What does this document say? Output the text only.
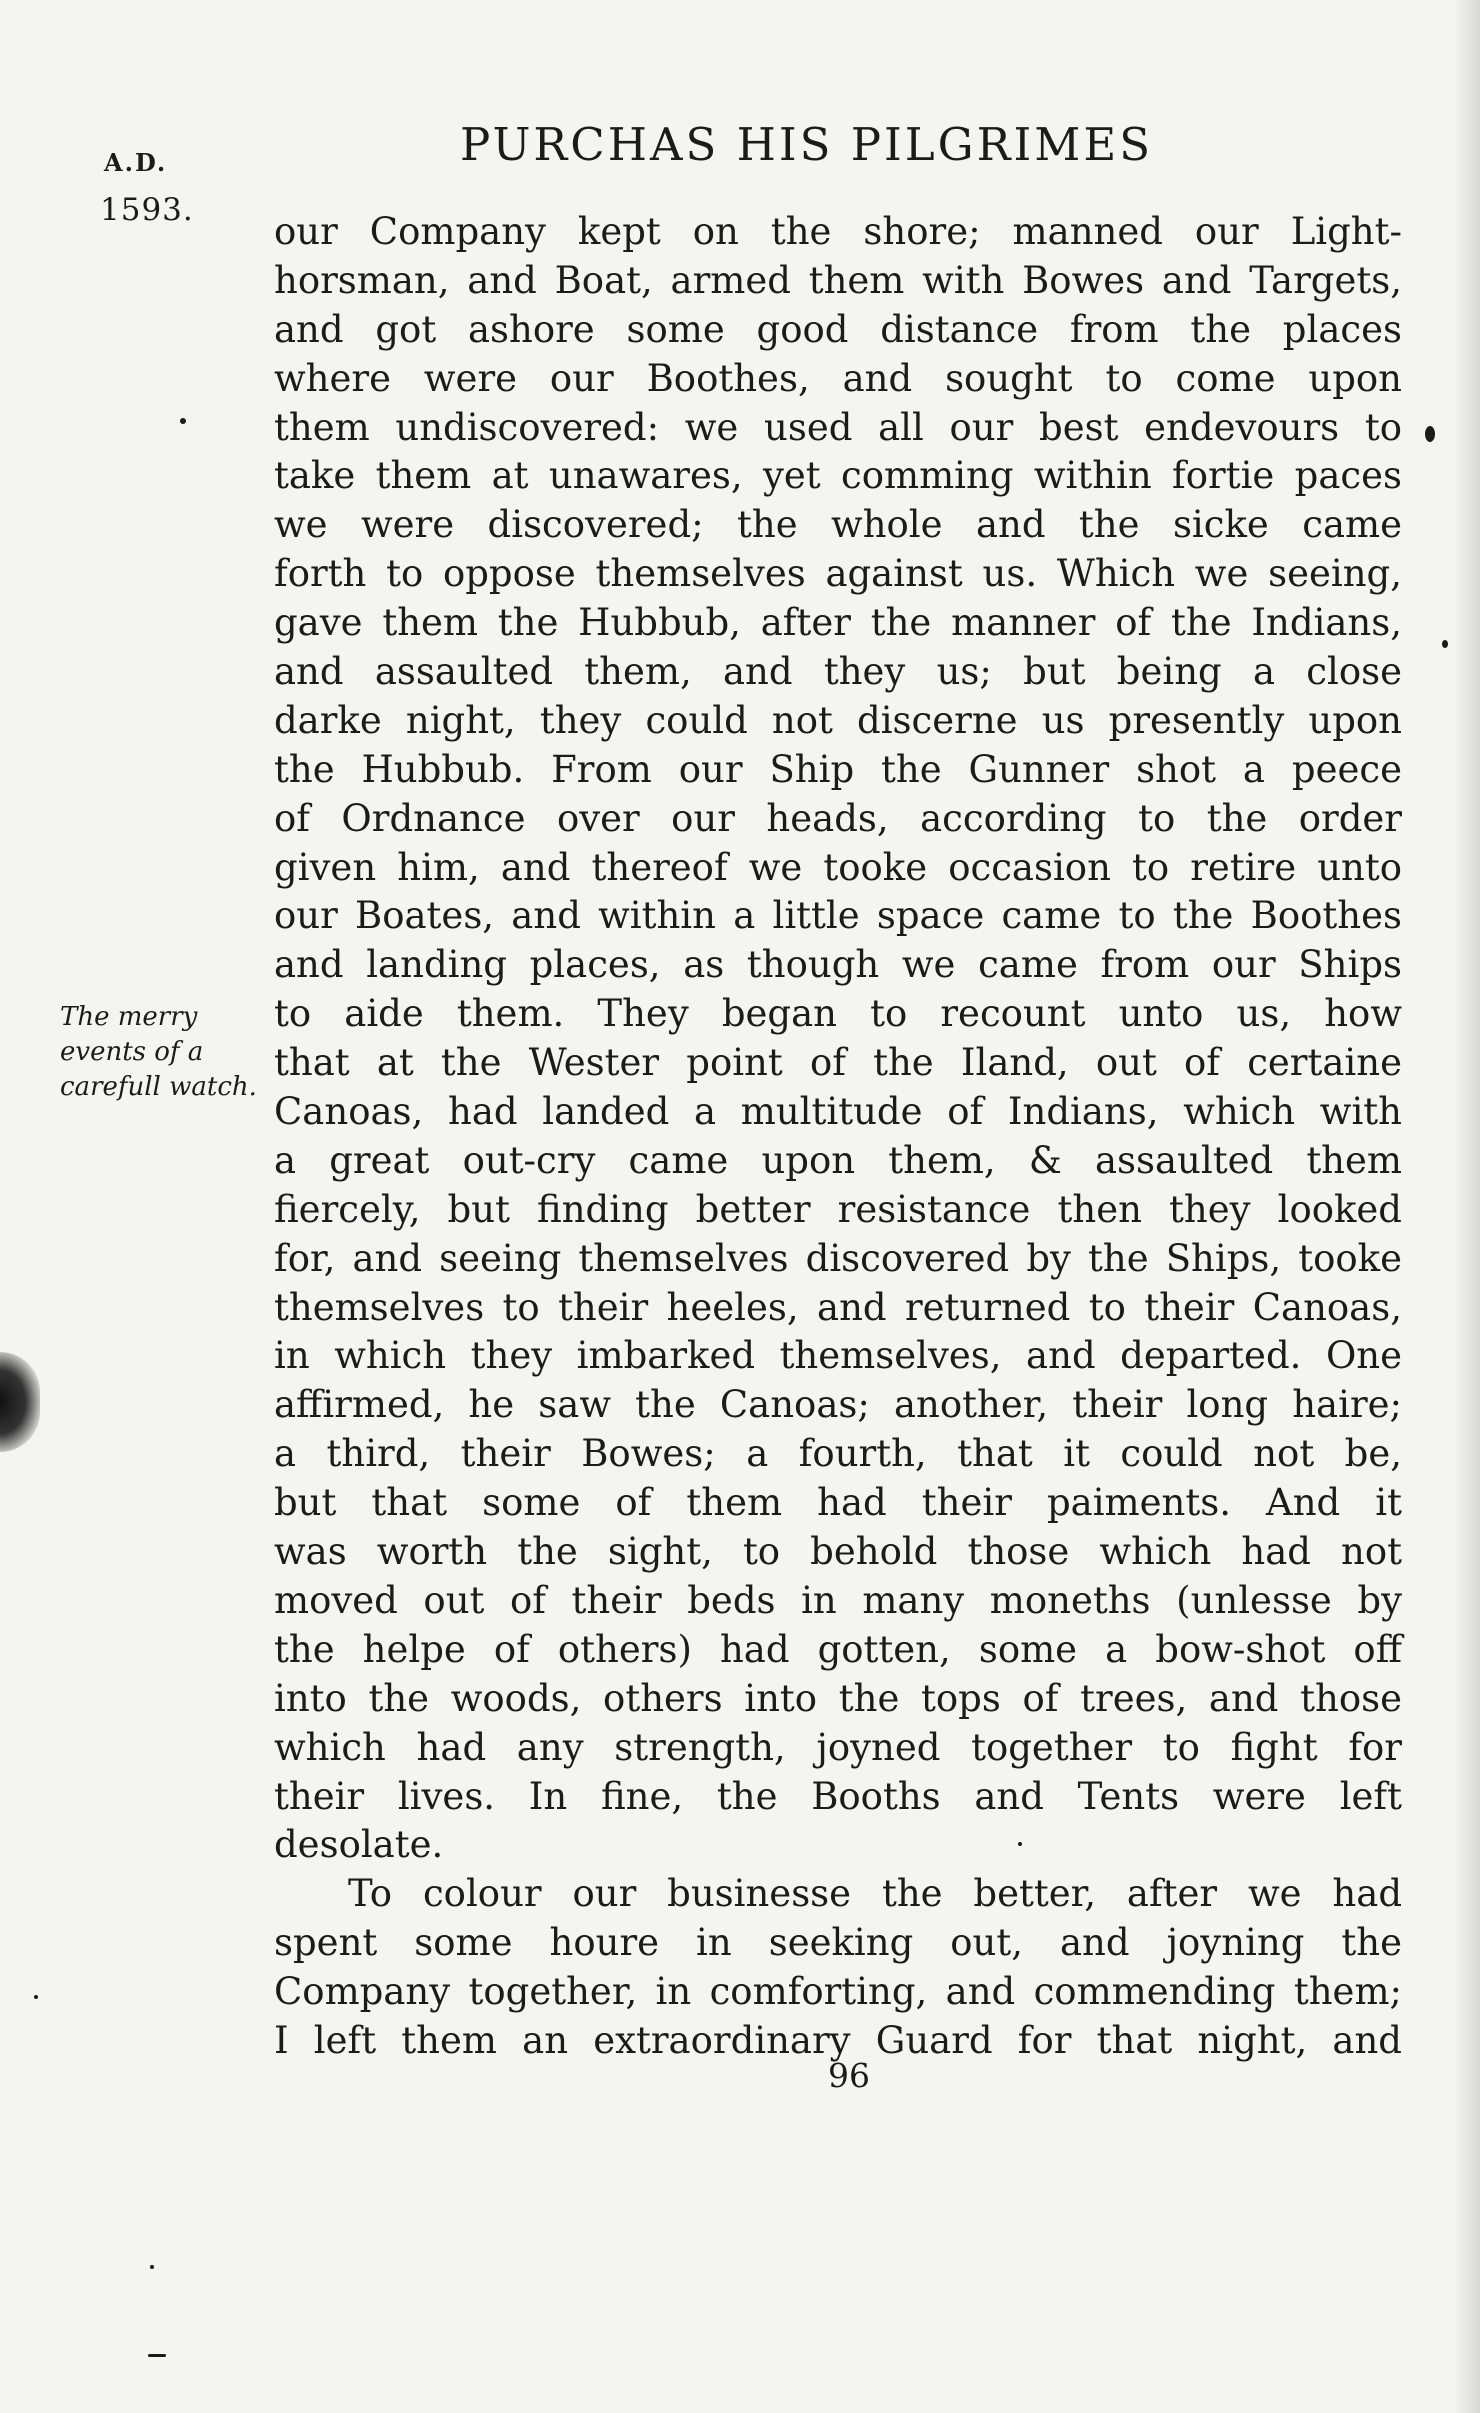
A.D.
1593.
PURCHAS HIS PILGRIMES
The merry
events of a
carefull watch.
our Company kept on the shore; manned our Light-
horsman, and Boat, armed them with Bowes and Targets,
and got ashore some good distance from the places
where were our Boothes, and sought to come upon
them undiscovered: we used all our best endevours to
take them at unawares, yet comming within fortie paces
we were discovered; the whole and the sicke came
forth to oppose themselves against us. Which we seeing,
gave them the Hubbub, after the manner of the Indians,
and assaulted them, and they us; but being a close
darke night, they could not discerne us presently upon
the Hubbub. From our Ship the Gunner shot a peece
of Ordnance over our heads, according to the order
given him, and thereof we tooke occasion to retire unto
our Boates, and within a little space came to the Boothes
and landing places, as though we came from our Ships
to aide them. They began to recount unto us, how
that at the Wester point of the Iland, out of certaine
Canoas, had landed a multitude of Indians, which with
a great out-cry came upon them, & assaulted them
fiercely, but finding better resistance then they looked
for, and seeing themselves discovered by the Ships, tooke
themselves to their heeles, and returned to their Canoas,
in which they imbarked themselves, and departed. One
affirmed, he saw the Canoas; another, their long haire;
a third, their Bowes; a fourth, that it could not be,
but that some of them had their paiments. And it
was worth the sight, to behold those which had not
moved out of their beds in many moneths (unlesse by
the helpe of others) had gotten, some a bow-shot off
into the woods, others into the tops of trees, and those
which had any strength, joyned together to fight for
their lives. In fine, the Booths and Tents were left
desolate.
To colour our businesse the better, after we had
spent some houre in seeking out, and joyning the
Company together, in comforting, and commending them;
I left them an extraordinary Guard for that night, and
96
